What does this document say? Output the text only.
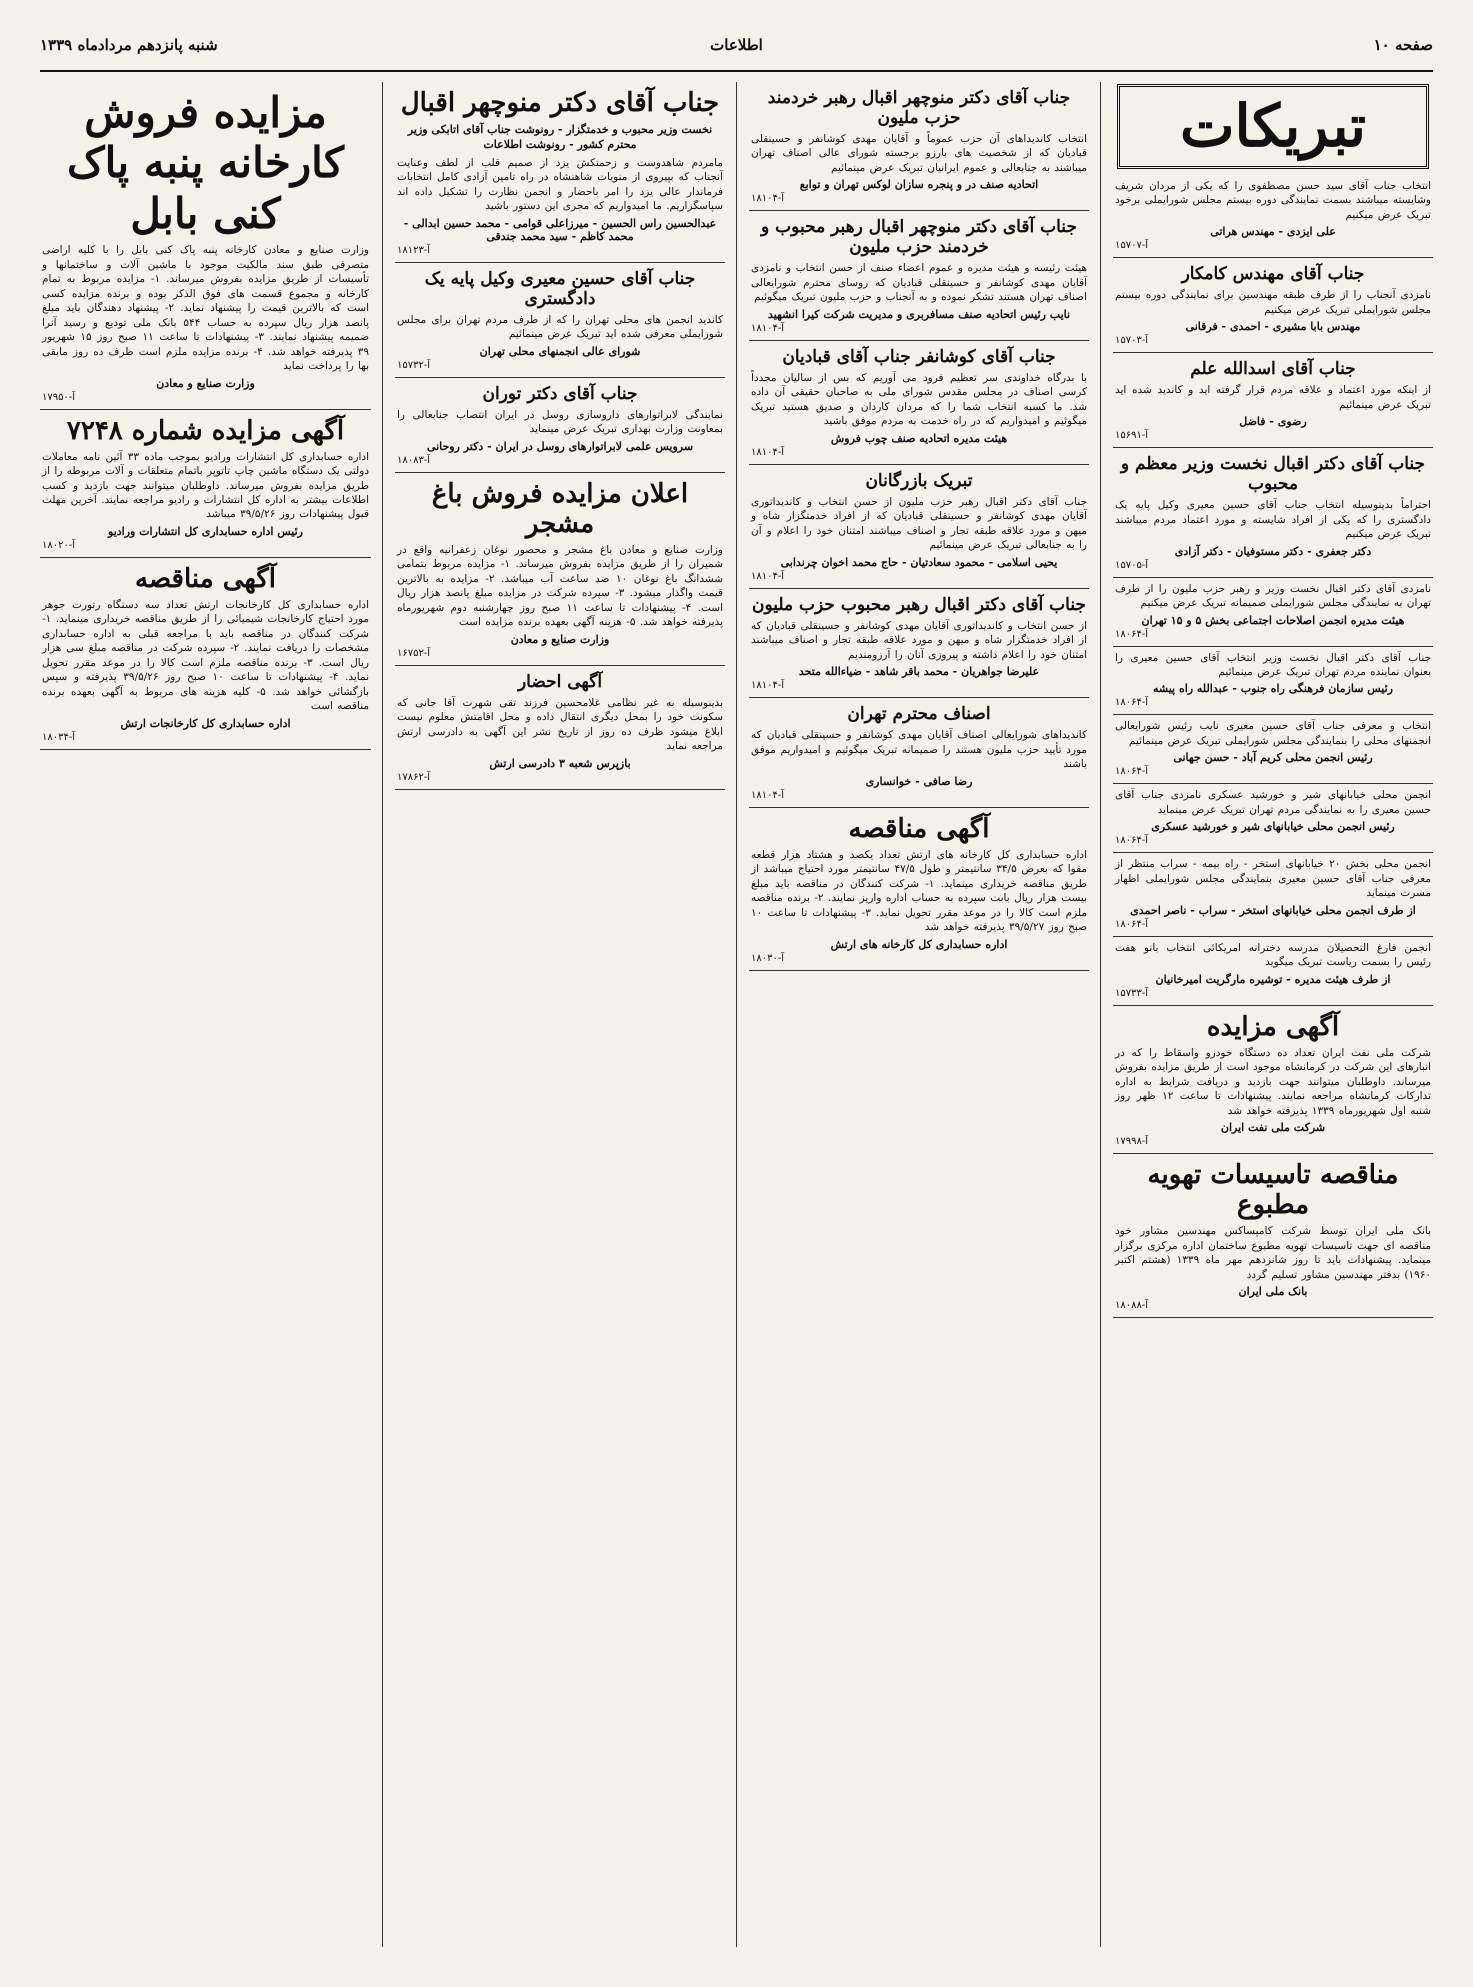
صفحه ۱۰
اطلاعات
شنبه پانزدهم مردادماه ۱۳۳۹
تبریکات

انتخاب جناب آقای سید حسن مصطفوی را که یکی از مردان شریف وشایسته میباشند بسمت نمایندگی دوره بیستم مجلس شورایملی برخود تبریک عرض میکنیم

علی ایزدی - مهندس هراتی
آ-۱۵۷۰۷
جناب آقای مهندس کامکار

نامزدی آنجناب را از طرف طبقه مهندسین برای نمایندگی دوره بیستم مجلس شورایملی تبریک عرض میکنیم

مهندس بابا مشیری - احمدی - فرقانی
آ-۱۵۷۰۳
جناب آقای اسدالله علم

از اینکه مورد اعتماد و علاقه مردم قرار گرفته اید و کاندید شده اید تبریک عرض مینمائیم

رضوی - فاضل
آ-۱۵۶۹۱
جناب آقای دکتر اقبال نخست وزیر معظم و محبوب

احتراماً بدینوسیله انتخاب جناب آقای حسین معیری وکیل پایه یک دادگستری را که یکی از افراد شایسته و مورد اعتماد مردم میباشند تبریک عرض میکنیم

دکتر جعفری - دکتر مستوفیان - دکتر آزادی
آ-۱۵۷۰۵

نامزدی آقای دکتر اقبال نخست وزیر و رهبر حزب ملیون را از طرف تهران به نمایندگی مجلس شورایملی صمیمانه تبریک عرض میکنیم

هیئت مدیره انجمن اصلاحات اجتماعی بخش ۵ و ۱۵ تهران
آ-۱۸۰۶۴

جناب آقای دکتر اقبال نخست وزیر انتخاب آقای حسین معیری را بعنوان نماینده مردم تهران تبریک عرض مینمائیم

رئیس سازمان فرهنگی راه جنوب - عبدالله راه پیشه
آ-۱۸۰۶۴

انتخاب و معرفی جناب آقای حسین معیری نایب رئیس شورایعالی انجمنهای محلی را بنمایندگی مجلس شورایملی تبریک عرض مینمائیم

رئیس انجمن محلی کریم آباد - حسن جهانی
آ-۱۸۰۶۴

انجمن محلی خیابانهای شیر و خورشید عسکری نامزدی جناب آقای حسین معیری را به نمایندگی مردم تهران تبریک عرض مینماید

رئیس انجمن محلی خیابانهای شیر و خورشید عسکری
آ-۱۸۰۶۴

انجمن محلی بخش ۲۰ خیابانهای استخر - راه بیمه - سراب منتظر از معرفی جناب آقای حسین معیری بنمایندگی مجلس شورایملی اظهار مسرت مینماید

از طرف انجمن محلی خیابانهای استخر - سراب - ناصر احمدی
آ-۱۸۰۶۴

انجمن فارغ التحصیلان مدرسه دخترانه امریکائی انتخاب بانو هفت رئیس را بسمت ریاست تبریک میگوید

از طرف هیئت مدیره - توشیره مارگریت امیرخانیان
آ-۱۵۷۳۳
آگهی مزایده

شرکت ملی نفت ایران تعداد ده دستگاه خودرو واسقاط را که در انبارهای این شرکت در کرمانشاه موجود است از طریق مزایده بفروش میرساند. داوطلبان میتوانند جهت بازدید و دریافت شرایط به اداره تدارکات کرمانشاه مراجعه نمایند. پیشنهادات تا ساعت ۱۲ ظهر روز شنبه اول شهریورماه ۱۳۳۹ پذیرفته خواهد شد

شرکت ملی نفت ایران
آ-۱۷۹۹۸
مناقصه تاسیسات تهویه مطبوع

بانک ملی ایران توسط شرکت کامپساکس مهندسین مشاور خود مناقصه ای جهت تاسیسات تهویه مطبوع ساختمان اداره مرکزی برگزار مینماید. پیشنهادات باید تا روز شانزدهم مهر ماه ۱۳۳۹ (هشتم اکتبر ۱۹۶۰) بدفتر مهندسین مشاور تسلیم گردد

بانک ملی ایران
آ-۱۸۰۸۸
جناب آقای دکتر منوچهر اقبال رهبر خردمند حزب ملیون

انتخاب کاندیداهای آن حزب عموماً و آقایان مهدی کوشانفر و حسینقلی قبادیان که از شخصیت های بارزو برجسته شورای عالی اصناف تهران میباشند به جنابعالی و عموم ایرانیان تبریک عرض مینمائیم

اتحادیه صنف در و پنجره سازان لوکس تهران و توابع
آ-۱۸۱۰۴
جناب آقای دکتر منوچهر اقبال رهبر محبوب و خردمند حزب ملیون

هیئت رئیسه و هیئت مدیره و عموم اعضاء صنف از حسن انتخاب و نامزدی آقایان مهدی کوشانفر و حسینقلی قبادیان که روسای محترم شورایعالی اصناف تهران هستند تشکر نموده و به آنجناب و حزب ملیون تبریک میگوئیم

نایب رئیس اتحادیه صنف مسافربری و مدیریت شرکت کیرا انشهید
آ-۱۸۱۰۴
جناب آقای کوشانفر جناب آقای قبادیان

با بدرگاه خداوندی سر تعظیم فرود می آوریم که بس از سالیان مجدداً کرسی اصناف در مجلس مقدس شورای ملی به صاحبان حقیقی آن داده شد. ما کسبه انتخاب شما را که مردان کاردان و صدیق هستید تبریک میگوئیم و امیدواریم که در راه خدمت به مردم موفق باشید

هیئت مدیره اتحادیه صنف چوب فروش
آ-۱۸۱۰۴
تبریک بازرگانان

جناب آقای دکتر اقبال رهبر حزب ملیون از حسن انتخاب و کاندیداتوری آقایان مهدی کوشانفر و حسینقلی قبادیان که از افراد خدمتگزار شاه و میهن و مورد علاقه طبقه تجار و اصناف میباشند امتنان خود را اعلام و آن را به جنابعالی تبریک عرض مینمائیم

یحیی اسلامی - محمود سعادتیان - حاج محمد اخوان چرندابی
آ-۱۸۱۰۴
جناب آقای دکتر اقبال رهبر محبوب حزب ملیون

از حسن انتخاب و کاندیداتوری آقایان مهدی کوشانفر و حسینقلی قبادیان که از افراد خدمتگزار شاه و میهن و مورد علاقه طبقه تجار و اصناف میباشند امتنان خود را اعلام داشته و پیروزی آنان را آرزومندیم

علیرضا جواهریان - محمد باقر شاهد - ضیاءالله متحد
آ-۱۸۱۰۴
اصناف محترم تهران

کاندیداهای شورایعالی اصناف آقایان مهدی کوشانفر و حسینقلی قبادیان که مورد تأیید حزب ملیون هستند را صمیمانه تبریک میگوئیم و امیدواریم موفق باشند

رضا صافی - خوانساری
آ-۱۸۱۰۴
آگهی مناقصه

اداره حسابداری کل کارخانه های ارتش تعداد یکصد و هشتاد هزار قطعه مقوا که بعرض ۳۴/۵ سانتیمتر و طول ۴۷/۵ سانتیمتر مورد احتیاج میباشد از طریق مناقصه خریداری مینماید. ۱- شرکت کنندگان در مناقصه باید مبلغ بیست هزار ریال بابت سپرده به حساب اداره واریز نمایند. ۲- برنده مناقصه ملزم است کالا را در موعد مقرر تحویل نماید. ۳- پیشنهادات تا ساعت ۱۰ صبح روز ۳۹/۵/۲۷ پذیرفته خواهد شد

اداره حسابداری کل کارخانه های ارتش
آ-۱۸۰۳۰
جناب آقای دکتر منوچهر اقبال
نخست وزیر محبوب و خدمتگزار - رونوشت جناب آقای اتابکی وزیر محترم کشور - رونوشت اطلاعات

مامردم شاهدوست و زحمتکش یزد از صمیم قلب از لطف وعنایت آنجناب که بپیروی از منویات شاهنشاه در راه تامین آزادی کامل انتخابات فرماندار عالی یزد را امر باحضار و انجمن نظارت را تشکیل داده اند سپاسگزاریم. ما امیدواریم که مجری این دستور باشید

عبدالحسین راس الحسین - میرزاعلی قوامی - محمد حسین ابدالی - محمد کاظم - سید محمد جندقی
آ-۱۸۱۲۳
جناب آقای حسین معیری وکیل پایه یک دادگستری

کاندید انجمن های محلی تهران را که از طرف مردم تهران برای مجلس شورایملی معرفی شده اید تبریک عرض مینمائیم

شورای عالی انجمنهای محلی تهران
آ-۱۵۷۳۲
جناب آقای دکتر توران

نمایندگی لابراتوارهای داروسازی روسل در ایران انتصاب جنابعالی را بمعاونت وزارت بهداری تبریک عرض مینماید

سرویس علمی لابراتوارهای روسل در ایران - دکتر روحانی
آ-۱۸۰۸۳
اعلان مزایده فروش باغ مشجر

وزارت صنایع و معادن باغ مشجر و محصور نوغان زعفرانیه واقع در شمیران را از طریق مزایده بفروش میرساند. ۱- مزایده مربوط بتمامی ششدانگ باغ نوغان ۱۰ صد ساعت آب میباشد. ۲- مزایده به بالاترین قیمت واگذار میشود. ۳- سپرده شرکت در مزایده مبلغ پانصد هزار ریال است. ۴- پیشنهادات تا ساعت ۱۱ صبح روز چهارشنبه دوم شهریورماه پذیرفته خواهد شد. ۵- هزینه آگهی بعهده برنده مزایده است

وزارت صنایع و معادن
آ-۱۶۷۵۲
آگهی احضار

بدینوسیله به غیر نظامی غلامحسین فرزند تقی شهرت آقا جانی که سکونت خود را بمحل دیگری انتقال داده و محل اقامتش معلوم نیست ابلاغ میشود ظرف ده روز از تاریخ نشر این آگهی به دادرسی ارتش مراجعه نماید

بازپرس شعبه ۳ دادرسی ارتش
آ-۱۷۸۶۲
مزایده فروش کارخانه پنبه پاک کنی بابل

وزارت صنایع و معادن کارخانه پنبه پاک کنی بابل را با کلیه اراضی متصرفی طبق سند مالکیت موجود با ماشین آلات و ساختمانها و تأسیسات از طریق مزایده بفروش میرساند. ۱- مزایده مربوط به تمام کارخانه و مجموع قسمت های فوق الذکر بوده و برنده مزایده کسی است که بالاترین قیمت را پیشنهاد نماید. ۲- پیشنهاد دهندگان باید مبلغ پانصد هزار ریال سپرده به حساب ۵۴۴ بانک ملی تودیع و رسید آنرا ضمیمه پیشنهاد نمایند. ۳- پیشنهادات تا ساعت ۱۱ صبح روز ۱۵ شهریور ۳۹ پذیرفته خواهد شد. ۴- برنده مزایده ملزم است ظرف ده روز مابقی بها را پرداخت نماید

وزارت صنایع و معادن
آ-۱۷۹۵۰
آگهی مزایده شماره ۷۲۴۸

اداره حسابداری کل انتشارات ورادیو بموجب ماده ۳۳ آئین نامه معاملات دولتی یک دستگاه ماشین چاپ تاتوپر باتمام متعلقات و آلات مربوطه را از طریق مزایده بفروش میرساند. داوطلبان میتوانند جهت بازدید و کسب اطلاعات بیشتر به اداره کل انتشارات و رادیو مراجعه نمایند. آخرین مهلت قبول پیشنهادات روز ۳۹/۵/۲۶ میباشد

رئیس اداره حسابداری کل انتشارات ورادیو
آ-۱۸۰۲۰
آگهی مناقصه

اداره حسابداری کل کارخانجات ارتش تعداد سه دستگاه رتورت جوهر مورد احتیاج کارخانجات شیمیائی را از طریق مناقصه خریداری مینماید. ۱- شرکت کنندگان در مناقصه باید با مراجعه قبلی به اداره حسابداری مشخصات را دریافت نمایند. ۲- سپرده شرکت در مناقصه مبلغ سی هزار ریال است. ۳- برنده مناقصه ملزم است کالا را در موعد مقرر تحویل نماید. ۴- پیشنهادات تا ساعت ۱۰ صبح روز ۳۹/۵/۲۶ پذیرفته و سپس بازگشائی خواهد شد. ۵- کلیه هزینه های مربوط به آگهی بعهده برنده مناقصه است

اداره حسابداری کل کارخانجات ارتش
آ-۱۸۰۳۴
